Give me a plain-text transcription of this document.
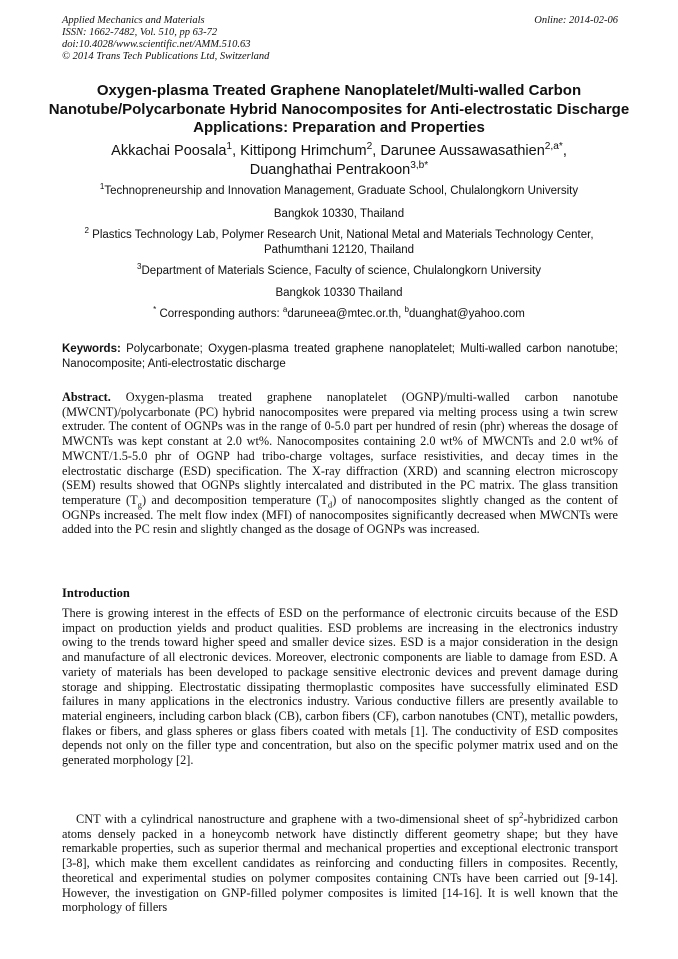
Applied Mechanics and Materials
ISSN: 1662-7482, Vol. 510, pp 63-72
doi:10.4028/www.scientific.net/AMM.510.63
© 2014 Trans Tech Publications Ltd, Switzerland
Online: 2014-02-06
Oxygen-plasma Treated Graphene Nanoplatelet/Multi-walled Carbon Nanotube/Polycarbonate Hybrid Nanocomposites for Anti-electrostatic Discharge Applications: Preparation and Properties
Akkachai Poosala$^1$, Kittipong Hrimchum$^2$, Darunee Aussawasathien$^{2,a*}$,
Duanghathai Pentrakoon$^{3,b*}$
$^1$Technopreneurship and Innovation Management, Graduate School, Chulalongkorn University
Bangkok 10330, Thailand
$^2$ Plastics Technology Lab, Polymer Research Unit, National Metal and Materials Technology Center, Pathumthani 12120, Thailand
$^3$Department of Materials Science, Faculty of science, Chulalongkorn University
Bangkok 10330 Thailand
* Corresponding authors: $^a$daruneea@mtec.or.th, $^b$duanghat@yahoo.com
Keywords: Polycarbonate; Oxygen-plasma treated graphene nanoplatelet; Multi-walled carbon nanotube; Nanocomposite; Anti-electrostatic discharge
Abstract. Oxygen-plasma treated graphene nanoplatelet (OGNP)/multi-walled carbon nanotube (MWCNT)/polycarbonate (PC) hybrid nanocomposites were prepared via melting process using a twin screw extruder. The content of OGNPs was in the range of 0-5.0 part per hundred of resin (phr) whereas the dosage of MWCNTs was kept constant at 2.0 wt%. Nanocomposites containing 2.0 wt% of MWCNTs and 2.0 wt% of MWCNT/1.5-5.0 phr of OGNP had tribo-charge voltages, surface resistivities, and decay times in the electrostatic discharge (ESD) specification. The X-ray diffraction (XRD) and scanning electron microscopy (SEM) results showed that OGNPs slightly intercalated and distributed in the PC matrix. The glass transition temperature $(T_g)$ and decomposition temperature $(T_d)$ of nanocomposites slightly changed as the content of OGNPs increased. The melt flow index (MFI) of nanocomposites significantly decreased when MWCNTs were added into the PC resin and slightly changed as the dosage of OGNPs was increased.
Introduction

There is growing interest in the effects of ESD on the performance of electronic circuits because of the ESD impact on production yields and product qualities. ESD problems are increasing in the electronics industry owing to the trends toward higher speed and smaller device sizes. ESD is a major consideration in the design and manufacture of all electronic devices. Moreover, electronic components are liable to damage from ESD. A variety of materials has been developed to package sensitive electronic devices and prevent damage during storage and shipping. Electrostatic dissipating thermoplastic composites have successfully eliminated ESD failures in many applications in the electronics industry. Various conductive fillers are presently available to material engineers, including carbon black (CB), carbon fibers (CF), carbon nanotubes (CNT), metallic powders, flakes or fibers, and glass spheres or glass fibers coated with metals [1]. The conductivity of ESD composites depends not only on the filler type and concentration, but also on the specific polymer matrix used and on the generated morphology [2].

CNT with a cylindrical nanostructure and graphene with a two-dimensional sheet of $sp^2$-hybridized carbon atoms densely packed in a honeycomb network have distinctly different geometry shape; but they have remarkable properties, such as superior thermal and mechanical properties and exceptional electronic transport [3-8], which make them excellent candidates as reinforcing and conducting fillers in composites. Recently, theoretical and experimental studies on polymer composites containing CNTs have been carried out [9-14]. However, the investigation on GNP-filled polymer composites is limited [14-16]. It is well known that the morphology of fillers
